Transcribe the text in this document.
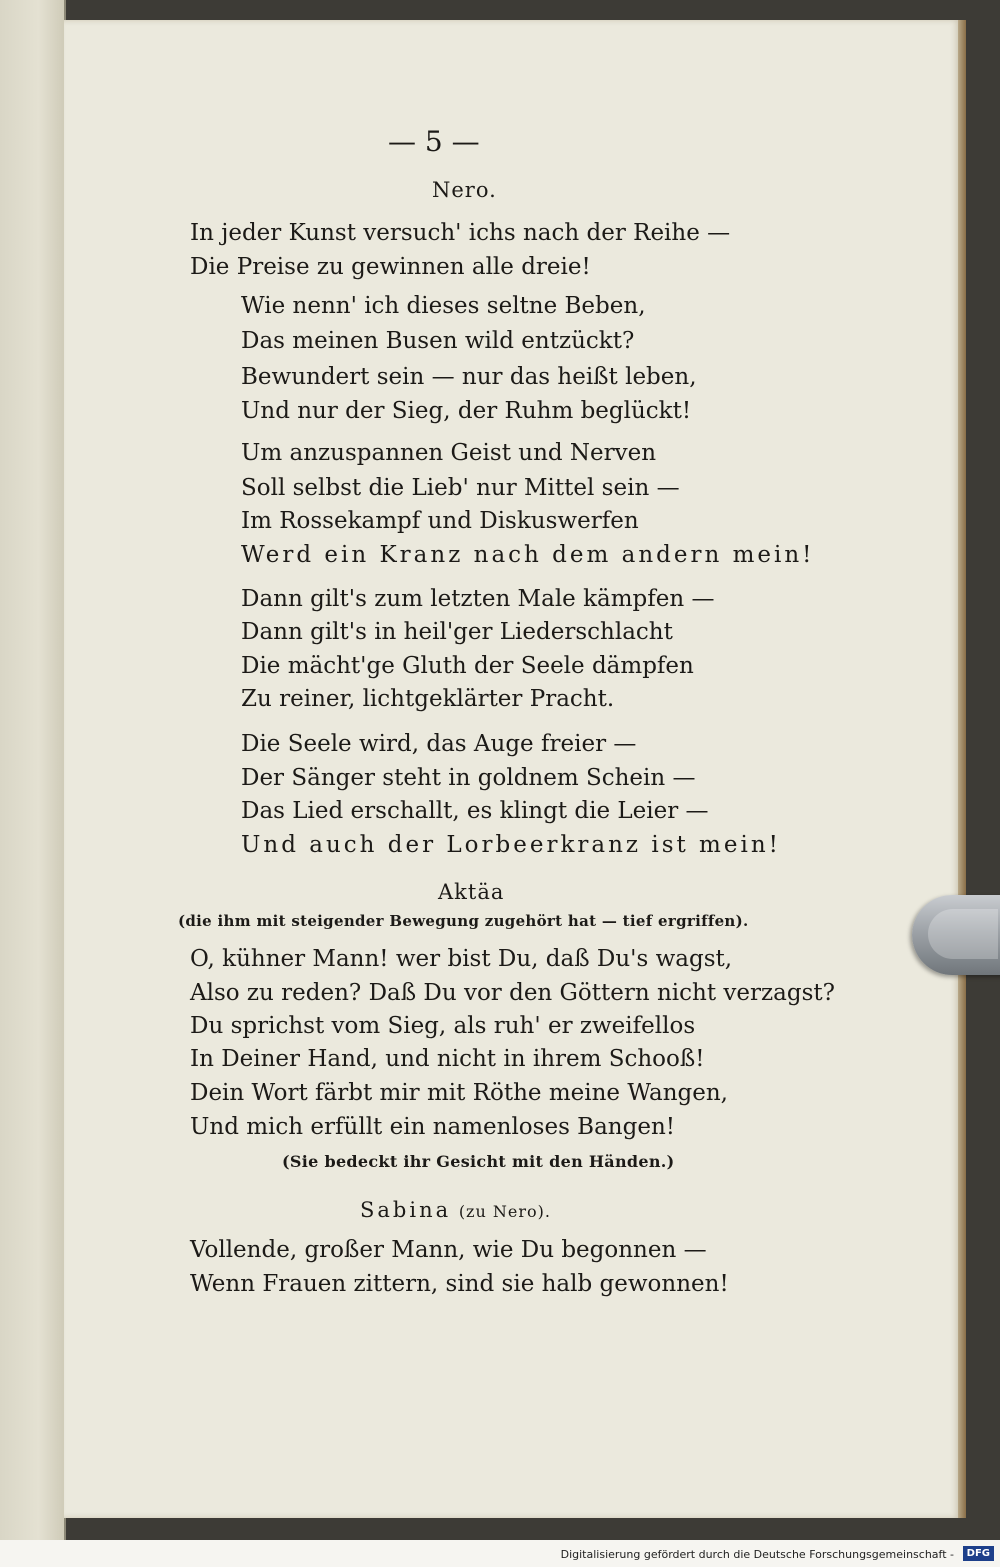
— 5 —
Nero.
In jeder Kunst versuch' ichs nach der Reihe —
Die Preise zu gewinnen alle dreie!
Wie nenn' ich dieses seltne Beben,
Das meinen Busen wild entzückt?
Bewundert sein — nur das heißt leben,
Und nur der Sieg, der Ruhm beglückt!
Um anzuspannen Geist und Nerven
Soll selbst die Lieb' nur Mittel sein —
Im Rossekampf und Diskuswerfen
Werd ein Kranz nach dem andern mein!
Dann gilt's zum letzten Male kämpfen —
Dann gilt's in heil'ger Liederschlacht
Die mächt'ge Gluth der Seele dämpfen
Zu reiner, lichtgeklärter Pracht.
Die Seele wird, das Auge freier —
Der Sänger steht in goldnem Schein —
Das Lied erschallt, es klingt die Leier —
Und auch der Lorbeerkranz ist mein!
Aktäa
(die ihm mit steigender Bewegung zugehört hat — tief ergriffen).
O, kühner Mann! wer bist Du, daß Du's wagst,
Also zu reden? Daß Du vor den Göttern nicht verzagst?
Du sprichst vom Sieg, als ruh' er zweifellos
In Deiner Hand, und nicht in ihrem Schooß!
Dein Wort färbt mir mit Röthe meine Wangen,
Und mich erfüllt ein namenloses Bangen!
(Sie bedeckt ihr Gesicht mit den Händen.)
Sabina (zu Nero).
Vollende, großer Mann, wie Du begonnen —
Wenn Frauen zittern, sind sie halb gewonnen!
Digitalisierung gefördert durch die Deutsche Forschungsgemeinschaft -	DFG
